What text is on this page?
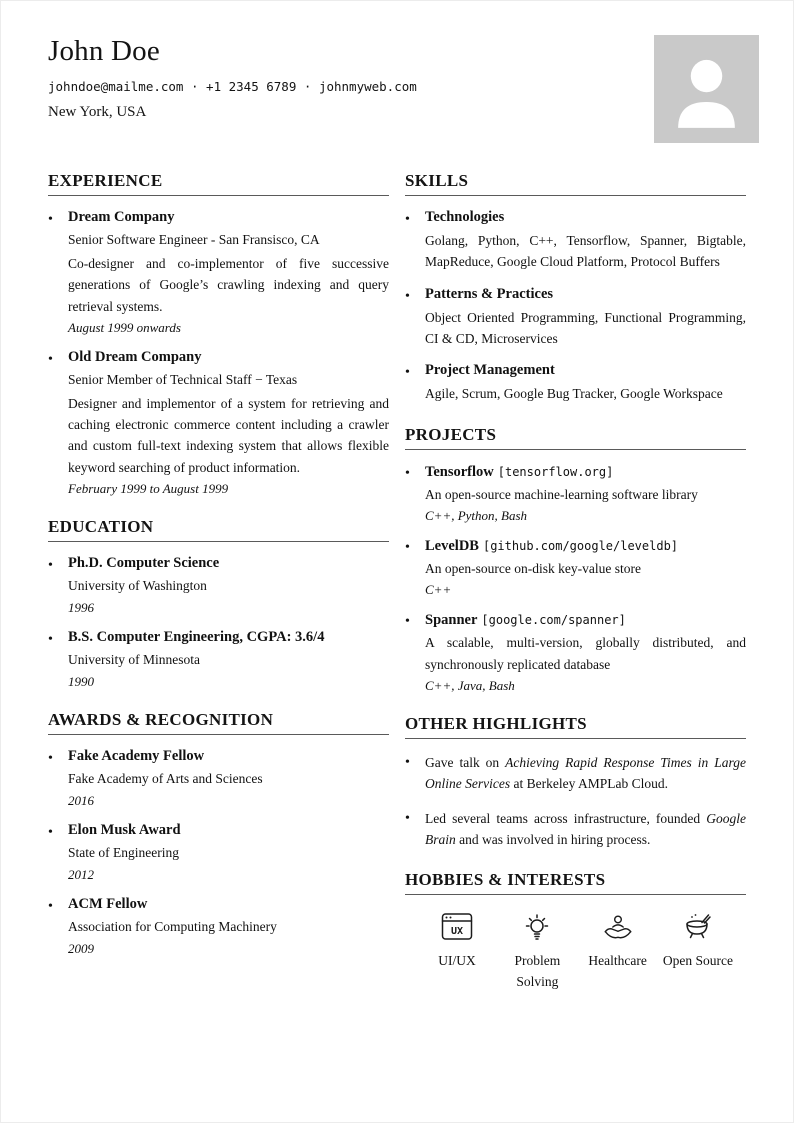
John Doe
johndoe@mailme.com · +1 2345 6789 · johnmyweb.com
New York, USA
EXPERIENCE
• Dream Company
Senior Software Engineer - San Fransisco, CA
Co-designer and co-implementor of five successive generations of Google’s crawling indexing and query retrieval systems.
August 1999 onwards
• Old Dream Company
Senior Member of Technical Staff − Texas
Designer and implementor of a system for retrieving and caching electronic commerce content including a crawler and custom full-text indexing system that allows flexible keyword searching of product information.
February 1999 to August 1999
EDUCATION
• Ph.D. Computer Science
University of Washington
1996
• B.S. Computer Engineering, CGPA: 3.6/4
University of Minnesota
1990
AWARDS & RECOGNITION
• Fake Academy Fellow
Fake Academy of Arts and Sciences
2016
• Elon Musk Award
State of Engineering
2012
• ACM Fellow
Association for Computing Machinery
2009
SKILLS
• Technologies
Golang, Python, C++, Tensorflow, Spanner, Bigtable, MapReduce, Google Cloud Platform, Protocol Buffers
• Patterns & Practices
Object Oriented Programming, Functional Programming, CI & CD, Microservices
• Project Management
Agile, Scrum, Google Bug Tracker, Google Workspace
PROJECTS
• Tensorflow [tensorflow.org]
An open-source machine-learning software library
C++, Python, Bash
• LevelDB [github.com/google/leveldb]
An open-source on-disk key-value store
C++
• Spanner [google.com/spanner]
A scalable, multi-version, globally distributed, and synchronously replicated database
C++, Java, Bash
OTHER HIGHLIGHTS
• Gave talk on Achieving Rapid Response Times in Large Online Services at Berkeley AMPLab Cloud.
• Led several teams across infrastructure, founded Google Brain and was involved in hiring process.
HOBBIES & INTERESTS
UX
UI/UX	Problem Solving
Healthcare Open Source
